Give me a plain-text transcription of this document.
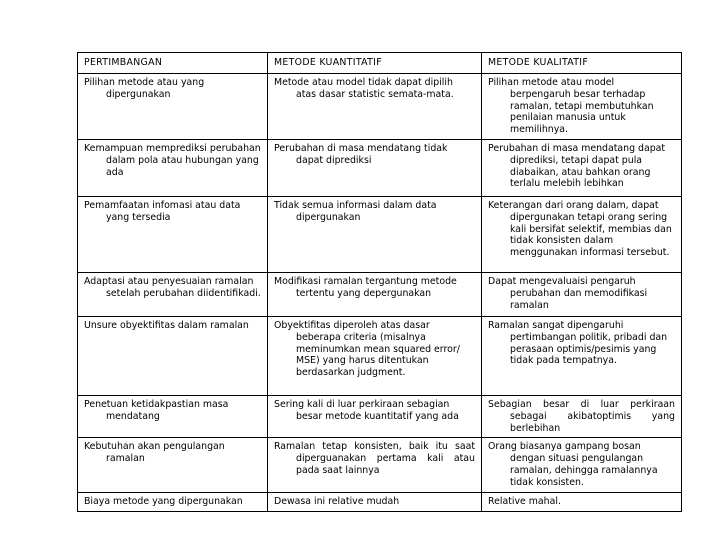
PERTIMBANGAN	METODE KUANTITATIF	METODE KUALITATIF

Pilihan metode atau yang dipergunakan	Metode atau model tidak dapat dipilih atas dasar statistic semata-mata.	Pilihan metode atau model berpengaruh besar terhadap ramalan, tetapi membutuhkan penilaian manusia untuk memilihnya.

Kemampuan memprediksi perubahan dalam pola atau hubungan yang ada	Perubahan di masa mendatang tidak dapat diprediksi	Perubahan di masa mendatang dapat diprediksi, tetapi dapat pula diabaikan, atau bahkan orang terlalu melebih lebihkan

Pemamfaatan infomasi atau data yang tersedia	Tidak semua informasi dalam data dipergunakan	Keterangan dari orang dalam, dapat dipergunakan tetapi orang sering kali bersifat selektif, membias dan tidak konsisten dalam menggunakan informasi tersebut.

Adaptasi atau penyesuaian ramalan setelah perubahan diidentifikadi.	Modifikasi ramalan tergantung metode tertentu yang depergunakan	Dapat mengevaluaisi pengaruh perubahan dan memodifikasi ramalan

Unsure obyektifitas dalam ramalan	Obyektifitas diperoleh atas dasar beberapa criteria (misalnya meminumkan mean squared error/ MSE) yang harus ditentukan berdasarkan judgment.	Ramalan sangat dipengaruhi pertimbangan politik, pribadi dan perasaan optimis/pesimis yang tidak pada tempatnya.

Penetuan ketidakpastian masa mendatang	Sering kali di luar perkiraan sebagian besar metode kuantitatif yang ada	Sebagian besar di luar perkiraan sebagai akibatoptimis yang berlebihan

Kebutuhan akan pengulangan ramalan	Ramalan tetap konsisten, baik itu saat diperguanakan pertama kali atau pada saat lainnya	Orang biasanya gampang bosan dengan situasi pengulangan ramalan, dehingga ramalannya tidak konsisten.

Biaya metode yang dipergunakan	Dewasa ini relative mudah	Relative mahal.
